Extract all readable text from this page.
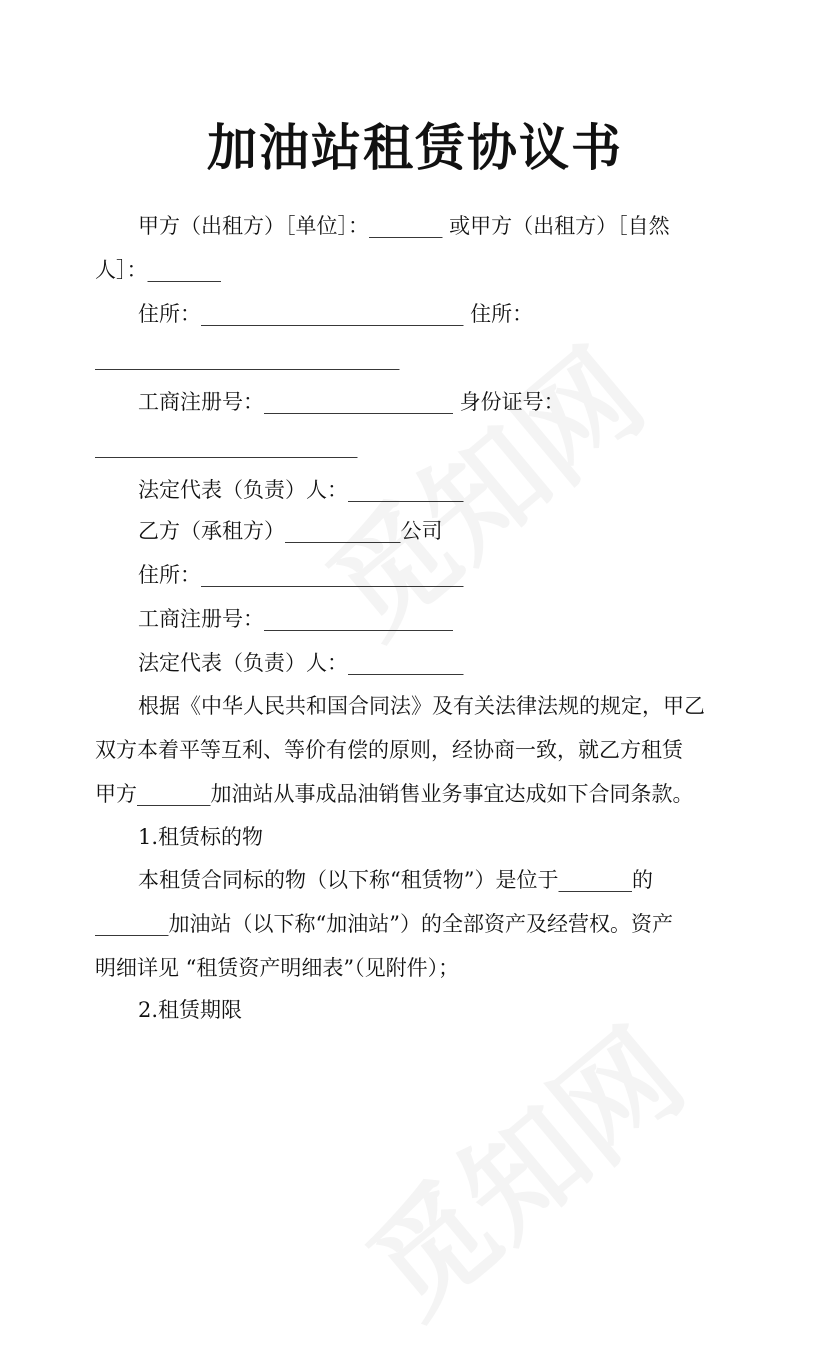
加油站租赁协议书
甲方（出租方）［单位］：_______ 或甲方（出租方）［自然
人］：_______
住所：_________________________ 住所：
_____________________________
工商注册号：__________________ 身份证号：
_________________________
法定代表（负责）人：___________
乙方（承租方）___________公司
住所：_________________________
工商注册号：__________________
法定代表（负责）人：___________
根据《中华人民共和国合同法》及有关法律法规的规定，甲乙
双方本着平等互利、等价有偿的原则，经协商一致，就乙方租赁
甲方_______加油站从事成品油销售业务事宜达成如下合同条款。
1.租赁标的物
本租赁合同标的物（以下称“租赁物”）是位于_______的
_______加油站（以下称“加油站”）的全部资产及经营权。资产
明细详见 “租赁资产明细表”（见附件）；
2.租赁期限
